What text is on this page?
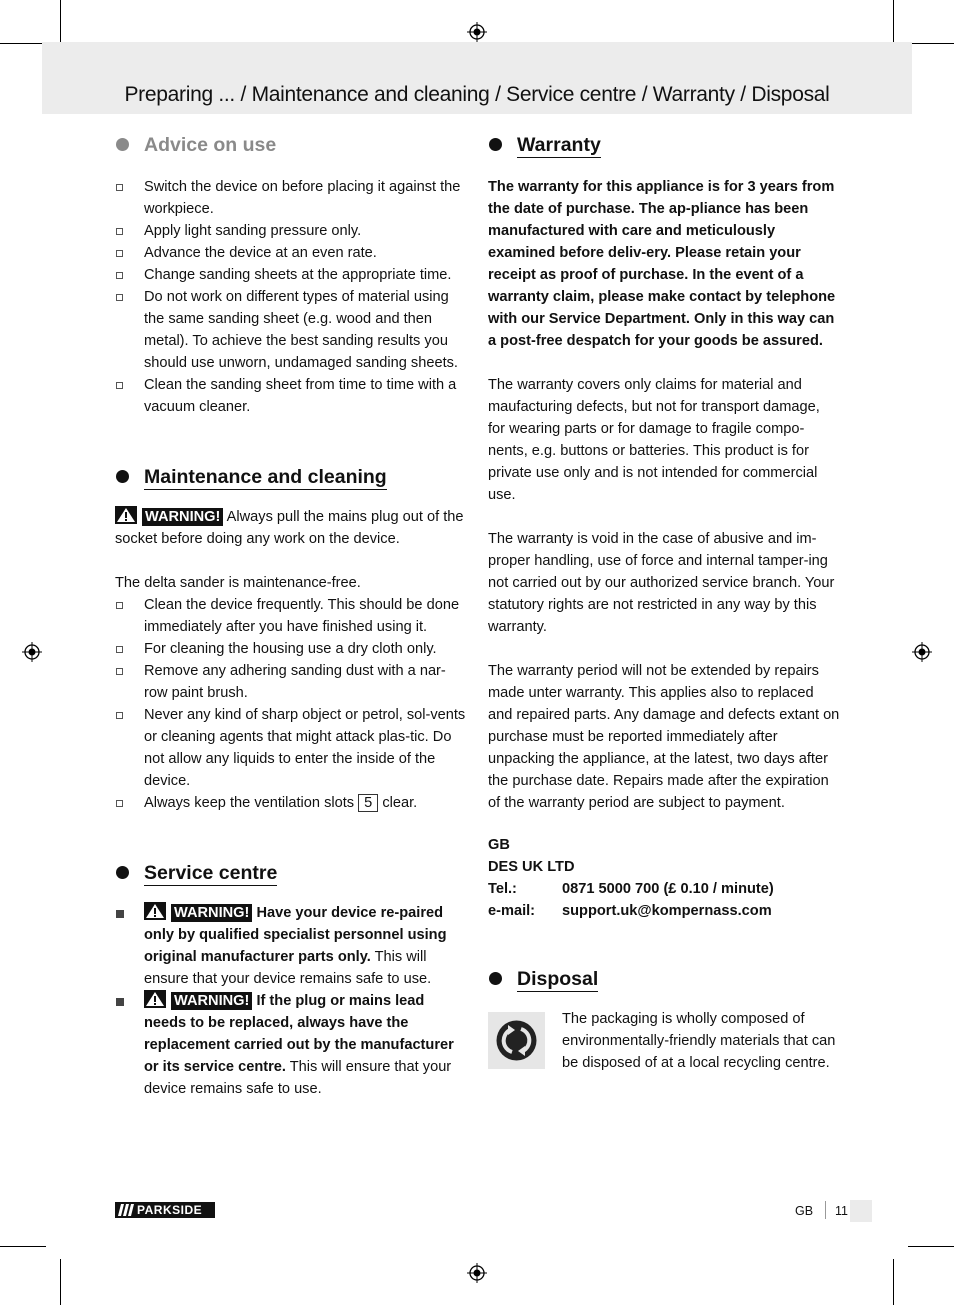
Preparing ... / Maintenance and cleaning / Service centre / Warranty / Disposal
Advice on use
Switch the device on before placing it against the workpiece.
Apply light sanding pressure only.
Advance the device at an even rate.
Change sanding sheets at the appropriate time.
Do not work on different types of material using the same sanding sheet (e.g. wood and then metal). To achieve the best sanding results you should use unworn, undamaged sanding sheets.
Clean the sanding sheet from time to time with a vacuum cleaner.
Maintenance and cleaning

WARNING! Always pull the mains plug out of the socket before doing any work on the device.

The delta sander is maintenance-free.

Clean the device frequently. This should be done immediately after you have finished using it.
For cleaning the housing use a dry cloth only.
Remove any adhering sanding dust with a nar-row paint brush.
Never any kind of sharp object or petrol, sol-vents or cleaning agents that might attack plas-tic. Do not allow any liquids to enter the inside of the device.
Always keep the ventilation slots 5 clear.
Service centre
WARNING! Have your device re-paired only by qualified specialist personnel using original manufacturer parts only. This will ensure that your device remains safe to use.
WARNING! If the plug or mains lead needs to be replaced, always have the replacement carried out by the manufacturer or its service centre. This will ensure that your device remains safe to use.
Warranty

The warranty for this appliance is for 3 years from the date of purchase. The ap-pliance has been manufactured with care and meticulously examined before deliv-ery. Please retain your receipt as proof of purchase. In the event of a warranty claim, please make contact by telephone with our Service Department. Only in this way can a post-free despatch for your goods be assured.

The warranty covers only claims for material and maufacturing defects, but not for transport damage, for wearing parts or for damage to fragile compo-nents, e.g. buttons or batteries. This product is for private use only and is not intended for commercial use.

The warranty is void in the case of abusive and im-proper handling, use of force and internal tamper-ing not carried out by our authorized service branch. Your statutory rights are not restricted in any way by this warranty.

The warranty period will not be extended by repairs made unter warranty. This applies also to replaced and repaired parts. Any damage and defects extant on purchase must be reported immediately after unpacking the appliance, at the latest, two days after the purchase date. Repairs made after the expiration of the warranty period are subject to payment.

GB

DES UK LTD

Tel.:	0871 5000 700 (£ 0.10 / minute)
e-mail:	support.uk@kompernass.com
Disposal

The packaging is wholly composed of environmentally-friendly materials that can be disposed of at a local recycling centre.

PARKSIDE	GB 11
